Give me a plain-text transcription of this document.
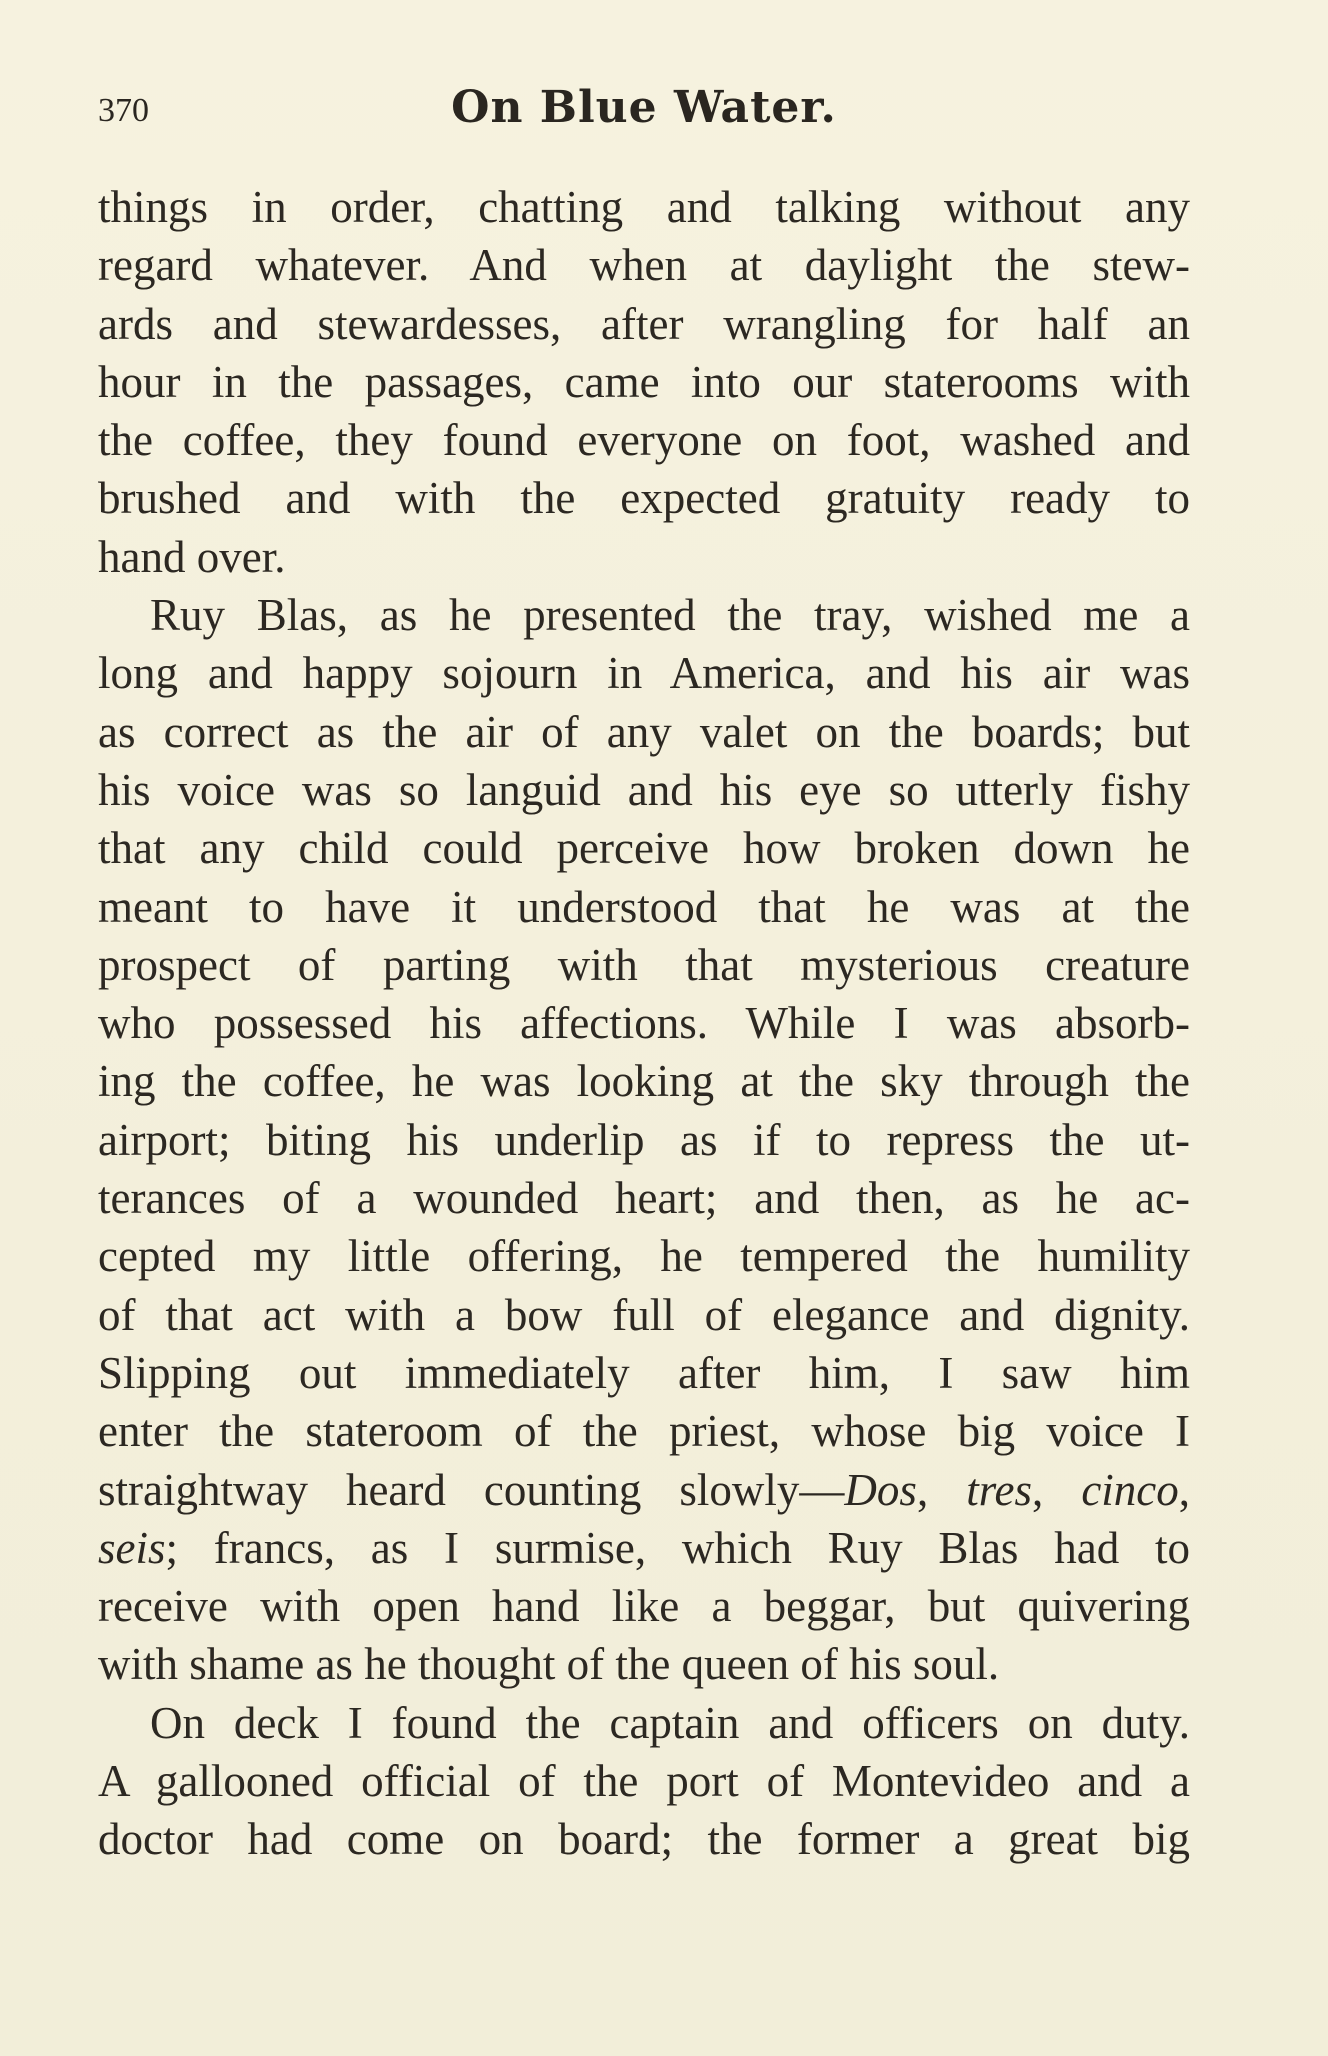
370	On Blue Water.
things in order, chatting and talking without any
regard whatever. And when at daylight the stew-
ards and stewardesses, after wrangling for half an
hour in the passages, came into our staterooms with
the coffee, they found everyone on foot, washed and
brushed and with the expected gratuity ready to
hand over.
Ruy Blas, as he presented the tray, wished me a
long and happy sojourn in America, and his air was
as correct as the air of any valet on the boards; but
his voice was so languid and his eye so utterly fishy
that any child could perceive how broken down he
meant to have it understood that he was at the
prospect of parting with that mysterious creature
who possessed his affections. While I was absorb-
ing the coffee, he was looking at the sky through the
airport; biting his underlip as if to repress the ut-
terances of a wounded heart; and then, as he ac-
cepted my little offering, he tempered the humility
of that act with a bow full of elegance and dignity.
Slipping out immediately after him, I saw him
enter the stateroom of the priest, whose big voice I
straightway heard counting slowly—Dos, tres, cinco,
seis; francs, as I surmise, which Ruy Blas had to
receive with open hand like a beggar, but quivering
with shame as he thought of the queen of his soul.
On deck I found the captain and officers on duty.
A gallooned official of the port of Montevideo and a
doctor had come on board; the former a great big
